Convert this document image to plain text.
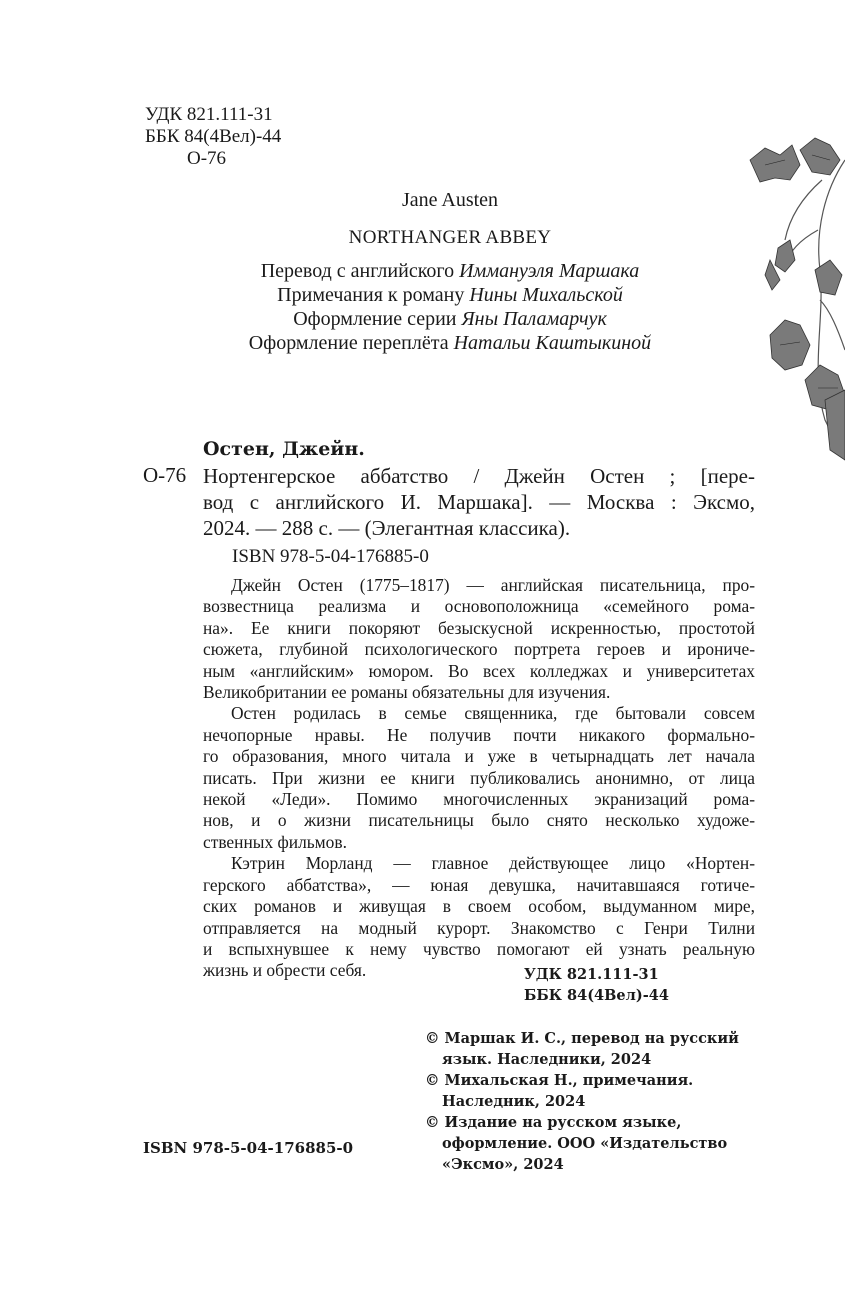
УДК 821.111-31
ББК 84(4Вел)-44
О-76
Jane Austen
NORTHANGER ABBEY
Перевод с английского Иммануэля Маршака
Примечания к роману Нины Михальской
Оформление серии Яны Паламарчук
Оформление переплёта Натальи Каштыкиной
Остен, Джейн.
О-76 Нортенгерское аббатство / Джейн Остен ; [пере-
вод с английского И. Маршака]. — Москва : Эксмо,
2024. — 288 с. — (Элегантная классика).
ISBN 978-5-04-176885-0
Джейн Остен (1775–1817) — английская писательница, про-
возвестница реализма и основоположница «семейного рома-
на». Ее книги покоряют безыскусной искренностью, простотой
сюжета, глубиной психологического портрета героев и ирониче-
ным «английским» юмором. Во всех колледжах и университетах
Великобритании ее романы обязательны для изучения.
Остен родилась в семье священника, где бытовали совсем
нечопорные нравы. Не получив почти никакого формально-
го образования, много читала и уже в четырнадцать лет начала
писать. При жизни ее книги публиковались анонимно, от лица
некой «Леди». Помимо многочисленных экранизаций рома-
нов, и о жизни писательницы было снято несколько художе-
ственных фильмов.
Кэтрин Морланд — главное действующее лицо «Нортен-
герского аббатства», — юная девушка, начитавшаяся готиче-
ских романов и живущая в своем особом, выдуманном мире,
отправляется на модный курорт. Знакомство с Генри Тилни
и вспыхнувшее к нему чувство помогают ей узнать реальную
жизнь и обрести себя.	УДК 821.111-31
ББК 84(4Вел)-44
© Маршак И. С., перевод на русский
язык. Наследники, 2024
© Михальская Н., примечания.
Наследник, 2024
© Издание на русском языке,
оформление. ООО «Издательство
«Эксмо», 2024
ISBN 978-5-04-176885-0
